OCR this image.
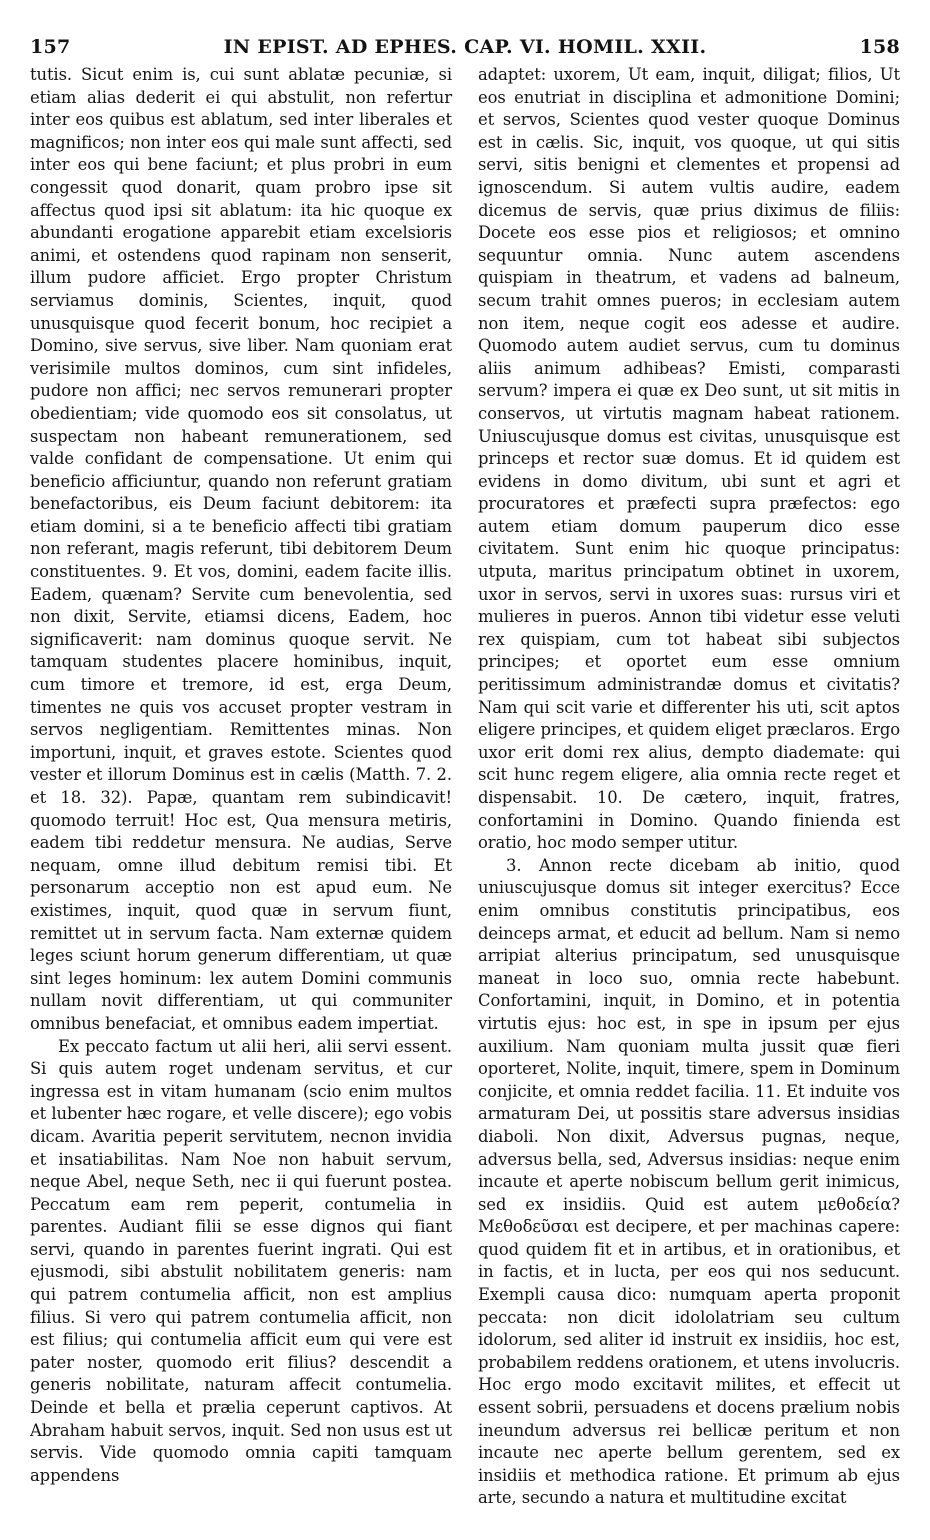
157	IN EPIST. AD EPHES. CAP. VI. HOMIL. XXII.	158

tutis. Sicut enim is, cui sunt ablatæ pecuniæ, si etiam alias dederit ei qui abstulit, non refertur inter eos quibus est ablatum, sed inter liberales et magnificos; non inter eos qui male sunt affecti, sed inter eos qui bene faciunt; et plus probri in eum congessit quod donarit, quam probro ipse sit affectus quod ipsi sit ablatum: ita hic quoque ex abundanti erogatione apparebit etiam excelsioris animi, et ostendens quod rapinam non senserit, illum pudore afficiet. Ergo propter Christum serviamus dominis, Scientes, inquit, quod unusquisque quod fecerit bonum, hoc recipiet a Domino, sive servus, sive liber. Nam quoniam erat verisimile multos dominos, cum sint infideles, pudore non affici; nec servos remunerari propter obedientiam; vide quomodo eos sit consolatus, ut suspectam non habeant remunerationem, sed valde confidant de compensatione. Ut enim qui beneficio afficiuntur, quando non referunt gratiam benefactoribus, eis Deum faciunt debitorem: ita etiam domini, si a te beneficio affecti tibi gratiam non referant, magis referunt, tibi debitorem Deum constituentes. 9. Et vos, domini, eadem facite illis. Eadem, quænam? Servite cum benevolentia, sed non dixit, Servite, etiamsi dicens, Eadem, hoc significaverit: nam dominus quoque servit. Ne tamquam studentes placere hominibus, inquit, cum timore et tremore, id est, erga Deum, timentes ne quis vos accuset propter vestram in servos negligentiam. Remittentes minas. Non importuni, inquit, et graves estote. Scientes quod vester et illorum Dominus est in cælis (Matth. 7. 2. et 18. 32). Papæ, quantam rem subindicavit! quomodo terruit! Hoc est, Qua mensura metiris, eadem tibi reddetur mensura. Ne audias, Serve nequam, omne illud debitum remisi tibi. Et personarum acceptio non est apud eum. Ne existimes, inquit, quod quæ in servum fiunt, remittet ut in servum facta. Nam externæ quidem leges sciunt horum generum differentiam, ut quæ sint leges hominum: lex autem Domini communis nullam novit differentiam, ut qui communiter omnibus benefaciat, et omnibus eadem impertiat.

Ex peccato factum ut alii heri, alii servi essent. Si quis autem roget undenam servitus, et cur ingressa est in vitam humanam (scio enim multos et lubenter hæc rogare, et velle discere); ego vobis dicam. Avaritia peperit servitutem, necnon invidia et insatiabilitas. Nam Noe non habuit servum, neque Abel, neque Seth, nec ii qui fuerunt postea. Peccatum eam rem peperit, contumelia in parentes. Audiant filii se esse dignos qui fiant servi, quando in parentes fuerint ingrati. Qui est ejusmodi, sibi abstulit nobilitatem generis: nam qui patrem contumelia afficit, non est amplius filius. Si vero qui patrem contumelia afficit, non est filius; qui contumelia afficit eum qui vere est pater noster, quomodo erit filius? descendit a generis nobilitate, naturam affecit contumelia. Deinde et bella et prælia ceperunt captivos. At Abraham habuit servos, inquit. Sed non usus est ut servis. Vide quomodo omnia capiti tamquam appendens

adaptet: uxorem, Ut eam, inquit, diligat; filios, Ut eos enutriat in disciplina et admonitione Domini; et servos, Scientes quod vester quoque Dominus est in cælis. Sic, inquit, vos quoque, ut qui sitis servi, sitis benigni et clementes et propensi ad ignoscendum. Si autem vultis audire, eadem dicemus de servis, quæ prius diximus de filiis: Docete eos esse pios et religiosos; et omnino sequuntur omnia. Nunc autem ascendens quispiam in theatrum, et vadens ad balneum, secum trahit omnes pueros; in ecclesiam autem non item, neque cogit eos adesse et audire. Quomodo autem audiet servus, cum tu dominus aliis animum adhibeas? Emisti, comparasti servum? impera ei quæ ex Deo sunt, ut sit mitis in conservos, ut virtutis magnam habeat rationem. Uniuscujusque domus est civitas, unusquisque est princeps et rector suæ domus. Et id quidem est evidens in domo divitum, ubi sunt et agri et procuratores et præfecti supra præfectos: ego autem etiam domum pauperum dico esse civitatem. Sunt enim hic quoque principatus: utputa, maritus principatum obtinet in uxorem, uxor in servos, servi in uxores suas: rursus viri et mulieres in pueros. Annon tibi videtur esse veluti rex quispiam, cum tot habeat sibi subjectos principes; et oportet eum esse omnium peritissimum administrandæ domus et civitatis? Nam qui scit varie et differenter his uti, scit aptos eligere principes, et quidem eliget præclaros. Ergo uxor erit domi rex alius, dempto diademate: qui scit hunc regem eligere, alia omnia recte reget et dispensabit. 10. De cætero, inquit, fratres, confortamini in Domino. Quando finienda est oratio, hoc modo semper utitur.

3. Annon recte dicebam ab initio, quod uniuscujusque domus sit integer exercitus? Ecce enim omnibus constitutis principatibus, eos deinceps armat, et educit ad bellum. Nam si nemo arripiat alterius principatum, sed unusquisque maneat in loco suo, omnia recte habebunt. Confortamini, inquit, in Domino, et in potentia virtutis ejus: hoc est, in spe in ipsum per ejus auxilium. Nam quoniam multa jussit quæ fieri oporteret, Nolite, inquit, timere, spem in Dominum conjicite, et omnia reddet facilia. 11. Et induite vos armaturam Dei, ut possitis stare adversus insidias diaboli. Non dixit, Adversus pugnas, neque, adversus bella, sed, Adversus insidias: neque enim incaute et aperte nobiscum bellum gerit inimicus, sed ex insidiis. Quid est autem μεθοδεία? Μεθοδεῦσαι est decipere, et per machinas capere: quod quidem fit et in artibus, et in orationibus, et in factis, et in lucta, per eos qui nos seducunt. Exempli causa dico: numquam aperta proponit peccata: non dicit idololatriam seu cultum idolorum, sed aliter id instruit ex insidiis, hoc est, probabilem reddens orationem, et utens involucris. Hoc ergo modo excitavit milites, et effecit ut essent sobrii, persuadens et docens prælium nobis ineundum adversus rei bellicæ peritum et non incaute nec aperte bellum gerentem, sed ex insidiis et methodica ratione. Et primum ab ejus arte, secundo a natura et multitudine excitat
